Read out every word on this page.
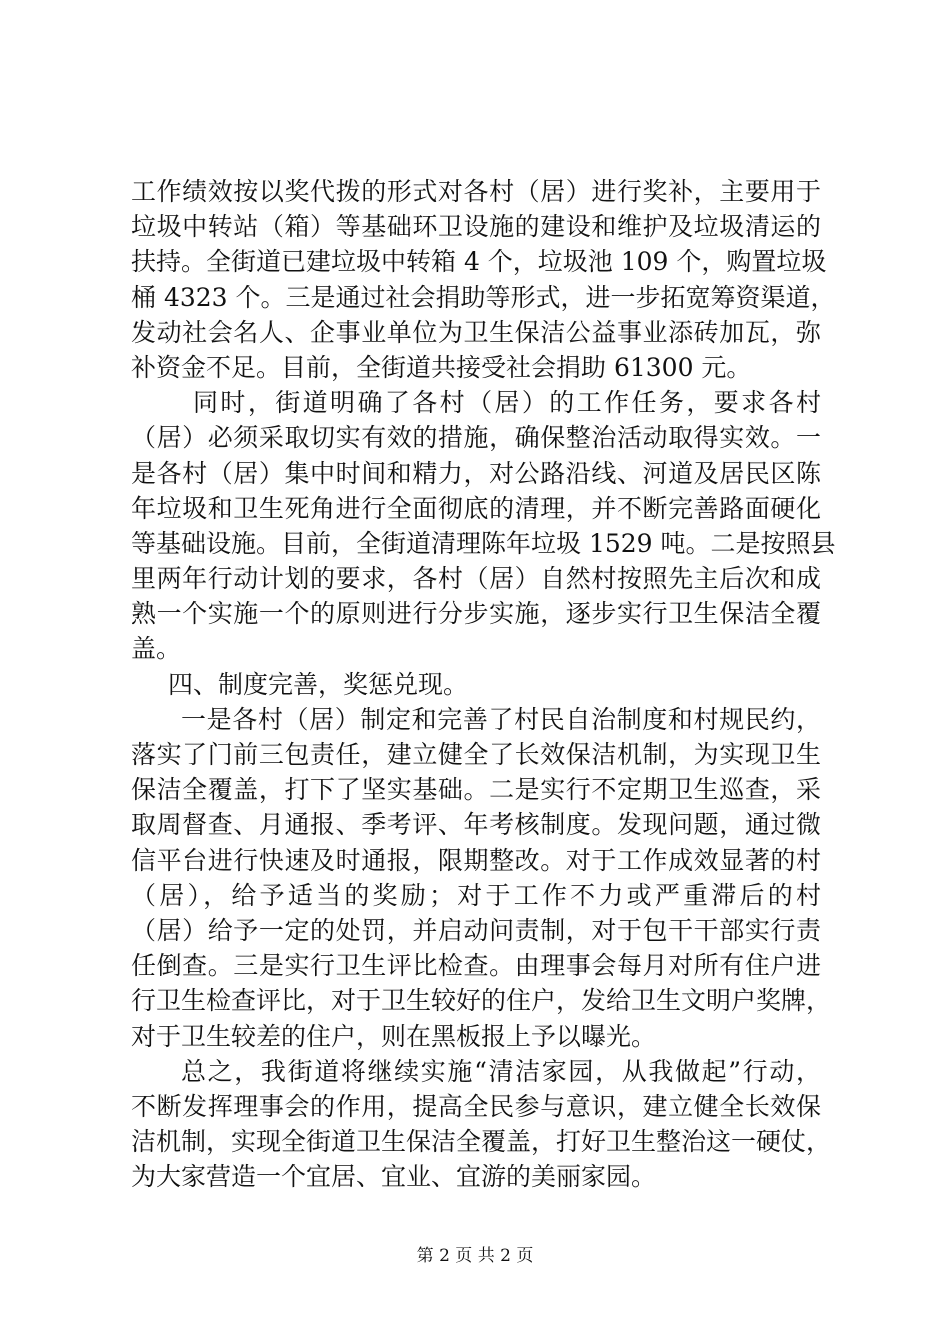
工作绩效按以奖代拨的形式对各村（居）进行奖补，主要用于
垃圾中转站（箱）等基础环卫设施的建设和维护及垃圾清运的
扶持。全街道已建垃圾中转箱 4 个，垃圾池 109 个，购置垃圾
桶 4323 个。三是通过社会捐助等形式，进一步拓宽筹资渠道，
发动社会名人、企事业单位为卫生保洁公益事业添砖加瓦，弥
补资金不足。目前，全街道共接受社会捐助 61300 元。
同时，街道明确了各村（居）的工作任务，要求各村
（居）必须采取切实有效的措施，确保整治活动取得实效。一
是各村（居）集中时间和精力，对公路沿线、河道及居民区陈
年垃圾和卫生死角进行全面彻底的清理，并不断完善路面硬化
等基础设施。目前，全街道清理陈年垃圾 1529 吨。二是按照县
里两年行动计划的要求，各村（居）自然村按照先主后次和成
熟一个实施一个的原则进行分步实施，逐步实行卫生保洁全覆
盖。
四、制度完善，奖惩兑现。
一是各村（居）制定和完善了村民自治制度和村规民约，
落实了门前三包责任，建立健全了长效保洁机制，为实现卫生
保洁全覆盖，打下了坚实基础。二是实行不定期卫生巡查，采
取周督查、月通报、季考评、年考核制度。发现问题，通过微
信平台进行快速及时通报，限期整改。对于工作成效显著的村
（居），给予适当的奖励；对于工作不力或严重滞后的村
（居）给予一定的处罚，并启动问责制，对于包干干部实行责
任倒查。三是实行卫生评比检查。由理事会每月对所有住户进
行卫生检查评比，对于卫生较好的住户，发给卫生文明户奖牌，
对于卫生较差的住户，则在黑板报上予以曝光。
总之，我街道将继续实施“清洁家园，从我做起”行动，
不断发挥理事会的作用，提高全民参与意识，建立健全长效保
洁机制，实现全街道卫生保洁全覆盖，打好卫生整治这一硬仗，
为大家营造一个宜居、宜业、宜游的美丽家园。
第 2 页 共 2 页
